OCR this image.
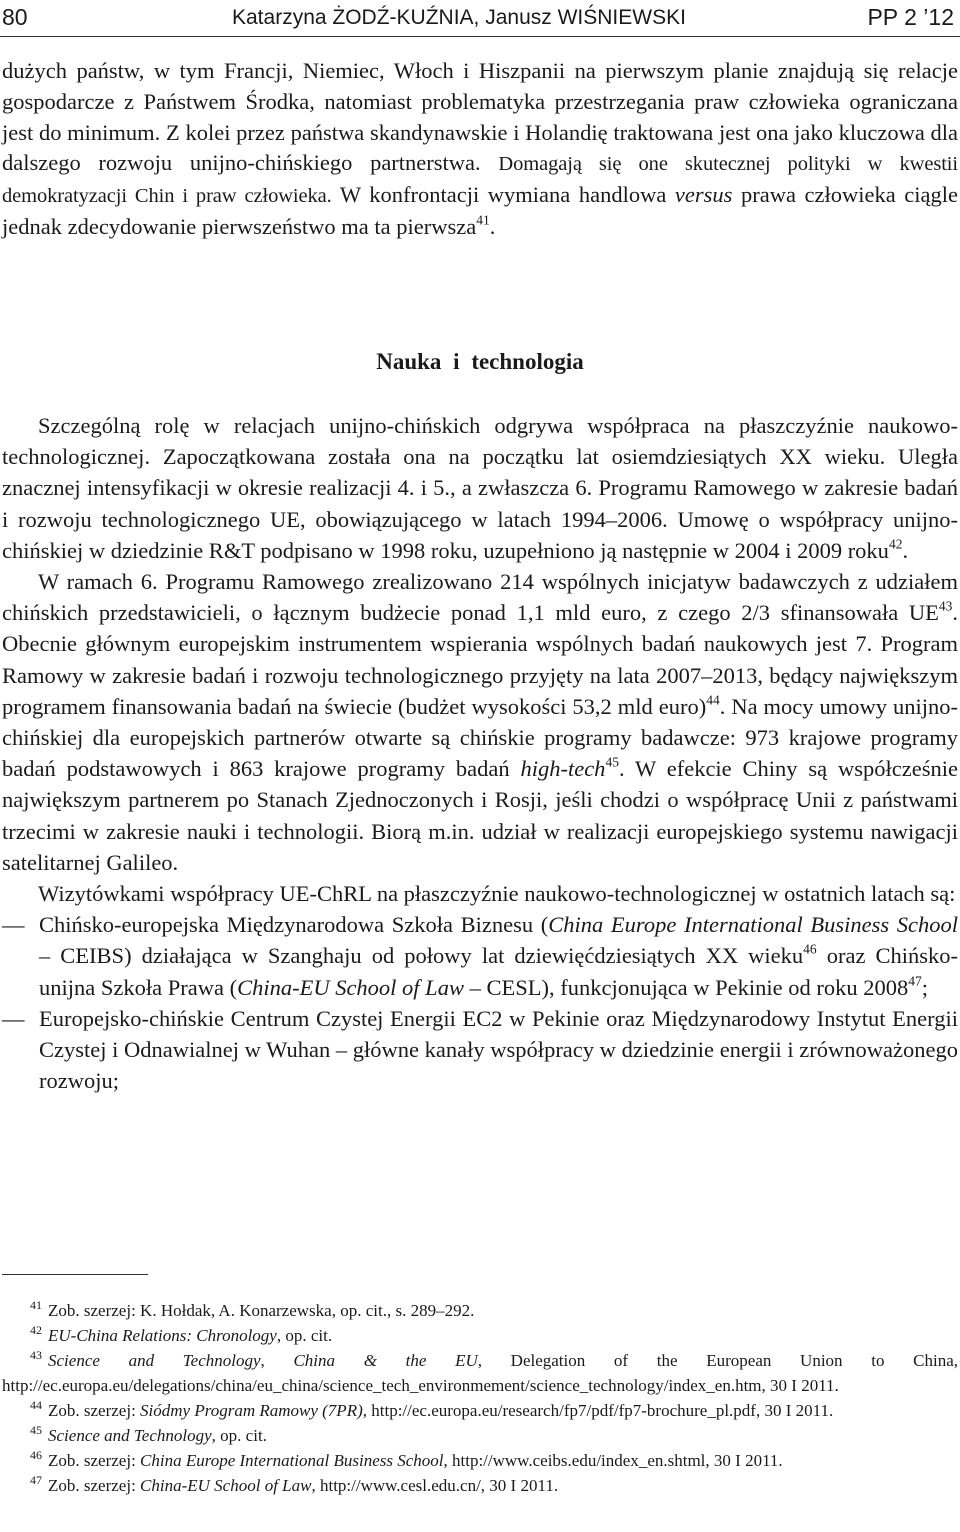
80	Katarzyna ŻODŹ-KUŹNIA, Janusz WIŚNIEWSKI	PP 2 ’12

dużych państw, w tym Francji, Niemiec, Włoch i Hiszpanii na pierwszym planie znajdują się relacje gospodarcze z Państwem Środka, natomiast problematyka przestrzegania praw człowieka ograniczana jest do minimum. Z kolei przez państwa skandynawskie i Holandię traktowana jest ona jako kluczowa dla dalszego rozwoju unijno-chińskiego partnerstwa. Domagają się one skutecznej polityki w kwestii demokratyzacji Chin i praw człowieka. W konfrontacji wymiana handlowa versus prawa człowieka ciągle jednak zdecydowanie pierwszeństwo ma ta pierwsza$^{41}$.

Nauka i technologia

Szczególną rolę w relacjach unijno-chińskich odgrywa współpraca na płaszczyźnie naukowo-technologicznej. Zapoczątkowana została ona na początku lat osiemdziesiątych XX wieku. Uległa znacznej intensyfikacji w okresie realizacji 4. i 5., a zwłaszcza 6. Programu Ramowego w zakresie badań i rozwoju technologicznego UE, obowiązującego w latach 1994–2006. Umowę o współpracy unijno-chińskiej w dziedzinie R&T podpisano w 1998 roku, uzupełniono ją następnie w 2004 i 2009 roku$^{42}$.

W ramach 6. Programu Ramowego zrealizowano 214 wspólnych inicjatyw badawczych z udziałem chińskich przedstawicieli, o łącznym budżecie ponad 1,1 mld euro, z czego 2/3 sfinansowała UE$^{43}$. Obecnie głównym europejskim instrumentem wspierania wspólnych badań naukowych jest 7. Program Ramowy w zakresie badań i rozwoju technologicznego przyjęty na lata 2007–2013, będący największym programem finansowania badań na świecie (budżet wysokości 53,2 mld euro)$^{44}$. Na mocy umowy unijno-chińskiej dla europejskich partnerów otwarte są chińskie programy badawcze: 973 krajowe programy badań podstawowych i 863 krajowe programy badań high-tech$^{45}$. W efekcie Chiny są współcześnie największym partnerem po Stanach Zjednoczonych i Rosji, jeśli chodzi o współpracę Unii z państwami trzecimi w zakresie nauki i technologii. Biorą m.in. udział w realizacji europejskiego systemu nawigacji satelitarnej Galileo.

Wizytówkami współpracy UE-ChRL na płaszczyźnie naukowo-technologicznej w ostatnich latach są:

— Chińsko-europejska Międzynarodowa Szkoła Biznesu (China Europe International Business School – CEIBS) działająca w Szanghaju od połowy lat dziewięćdziesiątych XX wieku$^{46}$ oraz Chińsko-unijna Szkoła Prawa (China-EU School of Law – CESL), funkcjonująca w Pekinie od roku 2008$^{47}$;

— Europejsko-chińskie Centrum Czystej Energii EC2 w Pekinie oraz Międzynarodowy Instytut Energii Czystej i Odnawialnej w Wuhan – główne kanały współpracy w dziedzinie energii i zrównoważonego rozwoju;

$^{41}$ Zob. szerzej: K. Hołdak, A. Konarzewska, op. cit., s. 289–292.

$^{42}$ EU-China Relations: Chronology, op. cit.

$^{43}$ Science and Technology, China & the EU, Delegation of the European Union to China, http://ec.europa.eu/delegations/china/eu_china/science_tech_environmement/science_technology/index_en.htm, 30 I 2011.

$^{44}$ Zob. szerzej: Siódmy Program Ramowy (7PR), http://ec.europa.eu/research/fp7/pdf/fp7-brochure_pl.pdf, 30 I 2011.

$^{45}$ Science and Technology, op. cit.

$^{46}$ Zob. szerzej: China Europe International Business School, http://www.ceibs.edu/index_en.shtml, 30 I 2011.

$^{47}$ Zob. szerzej: China-EU School of Law, http://www.cesl.edu.cn/, 30 I 2011.
